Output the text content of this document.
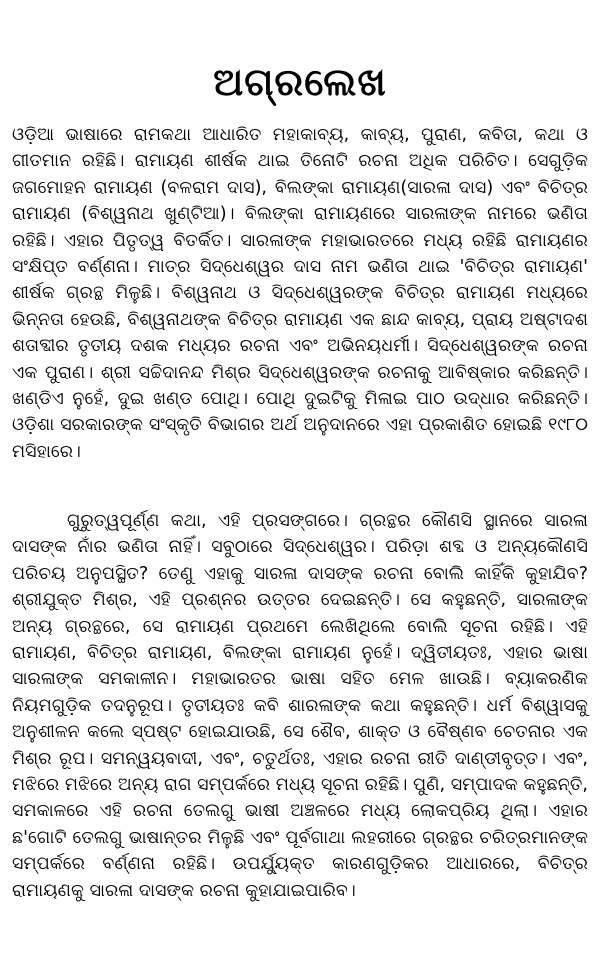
ଅଗ୍ରଲେଖ
ଓଡ଼ିଆ ଭାଷାରେ ରାମକଥା ଆଧାରିତ ମହାକାବ୍ୟ, କାବ୍ୟ, ପୁରାଣ, କବିତା, କଥା ଓ ଗୀତମାନ ରହିଛି। ରାମାୟଣ ଶୀର୍ଷକ ଥାଇ ତିନୋଟି ରଚନା ଅଧିକ ପରିଚିତ। ସେଗୁଡ଼ିକ ଜଗମୋହନ ରାମାୟଣ (ବଳରାମ ଦାସ), ବିଲଙ୍କା ରାମାୟଣ(ସାରଳା ଦାସ) ଏବଂ ବିଚିତ୍ର ରାମାୟଣ (ବିଶ୍ୱନାଥ ଖୁଣ୍ଟିଆ)। ବିଲଙ୍କା ରାମାୟଣରେ ସାରଳାଙ୍କ ନାମରେ ଭଣିତା ରହିଛି। ଏହାର ପିତୃତ୍ୱ ବିତର୍କିତ। ସାରଳାଙ୍କ ମହାଭାରତରେ ମଧ୍ୟ ରହିଛି ରାମାୟଣର ସଂକ୍ଷିପ୍ତ ବର୍ଣ୍ଣନା। ମାତ୍ର ସିଦ୍ଧେଶ୍ୱର ଦାସ ନାମ ଭଣିତା ଥାଇ 'ବିଚିତ୍ର ରାମାୟଣ' ଶୀର୍ଷକ ଗ୍ରନ୍ଥ ମିଳୁଛି। ବିଶ୍ୱନାଥ ଓ ସିଦ୍ଧେଶ୍ୱରଙ୍କ ବିଚିତ୍ର ରାମାୟଣ ମଧ୍ୟରେ ଭିନ୍ନତା ହେଉଛି, ବିଶ୍ୱନାଥଙ୍କ ବିଚିତ୍ର ରାମାୟଣ ଏକ ଛାନ୍ଦ କାବ୍ୟ, ପ୍ରାୟ ଅଷ୍ଟାଦଶ ଶତାବ୍ଦୀର ତୃତୀୟ ଦଶକ ମଧ୍ୟର ରଚନା ଏବଂ ଅଭିନୟଧର୍ମୀ। ସିଦ୍ଧେଶ୍ୱରଙ୍କ ରଚନା ଏକ ପୁରାଣ। ଶ୍ରୀ ସଚ୍ଚିଦାନନ୍ଦ ମିଶ୍ର ସିଦ୍ଧେଶ୍ୱରଙ୍କ ରଚନାକୁ ଆବିଷ୍କାର କରିଛନ୍ତି। ଖଣ୍ଡିଏ ନୁହେଁ, ଦୁଇ ଖଣ୍ଡ ପୋଥି। ପୋଥି ଦୁଇଟିକୁ ମିଳାଇ ପାଠ ଉଦ୍ଧାର କରିଛନ୍ତି। ଓଡ଼ିଶା ସରକାରଙ୍କ ସଂସ୍କୃତି ବିଭାଗର ଅର୍ଥ ଅନୁଦାନରେ ଏହା ପ୍ରକାଶିତ ହୋଇଛି ୧୯୮୦ ମସିହାରେ।
ଗୁରୁତ୍ୱପୂର୍ଣ୍ଣ କଥା, ଏହି ପ୍ରସଙ୍ଗରେ। ଗ୍ରନ୍ଥର କୌଣସି ସ୍ଥାନରେ ସାରଳା ଦାସଙ୍କ ନାଁର ଭଣିତା ନାହିଁ। ସବୁଠାରେ ସିଦ୍ଧେଶ୍ୱର। ପରିଡ଼ା ଶବ୍ଦ ଓ ଅନ୍ୟକୌଣସି ପରିଚୟ ଅନୁପସ୍ଥିତ? ତେଣୁ ଏହାକୁ ସାରଳା ଦାସଙ୍କ ରଚନା ବୋଲି କାହିଁକି କୁହାଯିବ? ଶ୍ରୀଯୁକ୍ତ ମିଶ୍ର, ଏହି ପ୍ରଶ୍ନର ଉତ୍ତର ଦେଇଛନ୍ତି। ସେ କହୁଛନ୍ତି, ସାରଳାଙ୍କ ଅନ୍ୟ ଗ୍ରନ୍ଥରେ, ସେ ରାମାୟଣ ପ୍ରଥମେ ଲେଖିଥିଲେ ବୋଲି ସୂଚନା ରହିଛି। ଏହି ରାମାୟଣ, ବିଚିତ୍ର ରାମାୟଣ, ବିଲଙ୍କା ରାମାୟଣ ନୁହେଁ। ଦ୍ୱିତୀୟତଃ, ଏହାର ଭାଷା ସାରଳାଙ୍କ ସମକାଳୀନ। ମହାଭାରତର ଭାଷା ସହିତ ମେଳ ଖାଉଛି। ବ୍ୟାକରଣିକ ନିୟମଗୁଡ଼ିକ ତଦନୁରୂପ। ତୃତୀୟତଃ କବି ଶାରଳାଙ୍କ କଥା କହୁଛନ୍ତି। ଧର୍ମ ବିଶ୍ୱାସକୁ ଅନୁଶୀଳନ କଲେ ସ୍ପଷ୍ଟ ହୋଇଯାଉଛି, ସେ ଶୈବ, ଶାକ୍ତ ଓ ବୈଷ୍ଣବ ଚେତନାର ଏକ ମିଶ୍ର ରୂପ। ସମନ୍ୱୟବାଦୀ, ଏବଂ, ଚତୁର୍ଥତଃ, ଏହାର ରଚନା ରୀତି ଦାଣ୍ଡୀବୃତ୍ତ। ଏବଂ, ମଝିରେ ମଝିରେ ଅନ୍ୟ ରାଗ ସମ୍ପର୍କରେ ମଧ୍ୟ ସୂଚନା ରହିଛି। ପୁଣି, ସମ୍ପାଦକ କହୁଛନ୍ତି, ସମକାଳରେ ଏହି ରଚନା ତେଲଗୁ ଭାଷୀ ଅଞ୍ଚଳରେ ମଧ୍ୟ ଲୋକପ୍ରିୟ ଥିଲା। ଏହାର ଛ'ଗୋଟି ତେଲଗୁ ଭାଷାନ୍ତର ମିଳୁଛି ଏବଂ ପୂର୍ବଗାଥା ଲହରୀରେ ଗ୍ରନ୍ଥର ଚରିତ୍ରମାନଙ୍କ ସମ୍ପର୍କରେ ବର୍ଣ୍ଣନା ରହିଛି। ଉପର୍ଯ୍ୟୁକ୍ତ କାରଣଗୁଡ଼ିକର ଆଧାରରେ, ବିଚିତ୍ର ରାମାୟଣକୁ ସାରଳା ଦାସଙ୍କ ରଚନା କୁହାଯାଇପାରିବ।
